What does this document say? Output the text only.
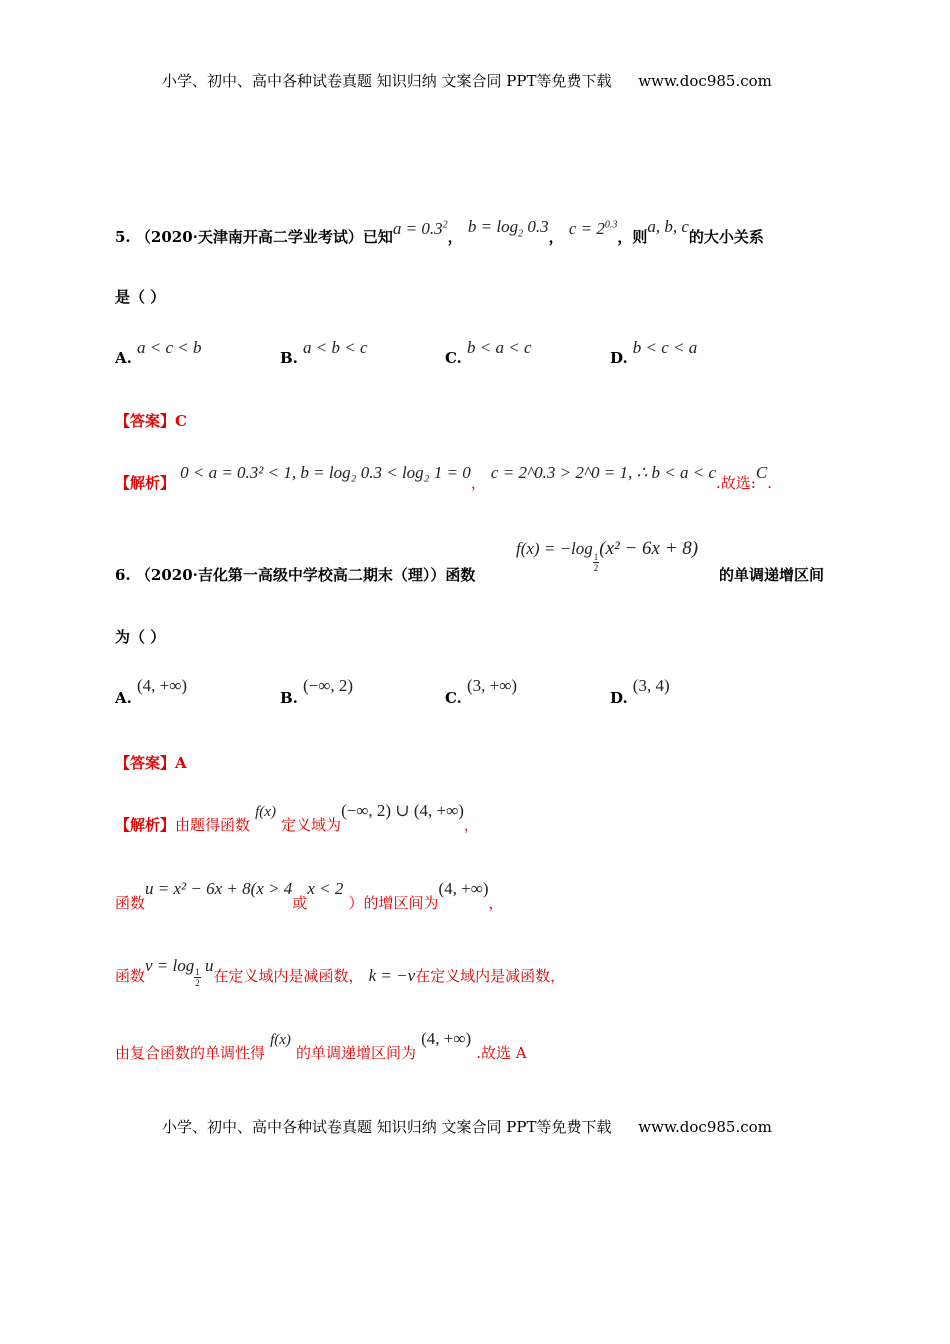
小学、初中、高中各种试卷真题 知识归纳 文案合同 PPT等免费下载 www.doc985.com
5. （2020·天津南开高二学业考试）已知$a = 0.3^2$， $b = \log_2 0.3$， $c = 2^{0.3}$，则a, b, c的大小关系
是（ ）
A. a < c < b
B. a < b < c
C. b < a < c
D. b < c < a
【答案】C
【解析】 0 < a = 0.3² < 1, b = log₂ 0.3 < log₂ 1 = 0， c = 2^0.3 > 2^0 = 1, ∴ b < a < c.故选:C.
f(x) = −log
$\frac{1}{2}$
(x² − 6x + 8)
6. （2020·吉化第一高级中学校高二期末（理））函数	的单调递增区间
为（ ）
A. (4, +∞)
B. (−∞, 2)
C. (3, +∞)
D. (3, 4)
【答案】A
【解析】由题得函数 f(x) 定义域为(−∞, 2) ∪ (4, +∞)，
函数u = x² − 6x + 8(x > 4或x < 2 ）的增区间为(4, +∞)，
函数v = log
$\frac{1}{2}$
u在定义域内是减函数， k = −v在定义域内是减函数，
由复合函数的单调性得 f(x) 的单调递增区间为 (4, +∞) .故选 A
小学、初中、高中各种试卷真题 知识归纳 文案合同 PPT等免费下载 www.doc985.com
